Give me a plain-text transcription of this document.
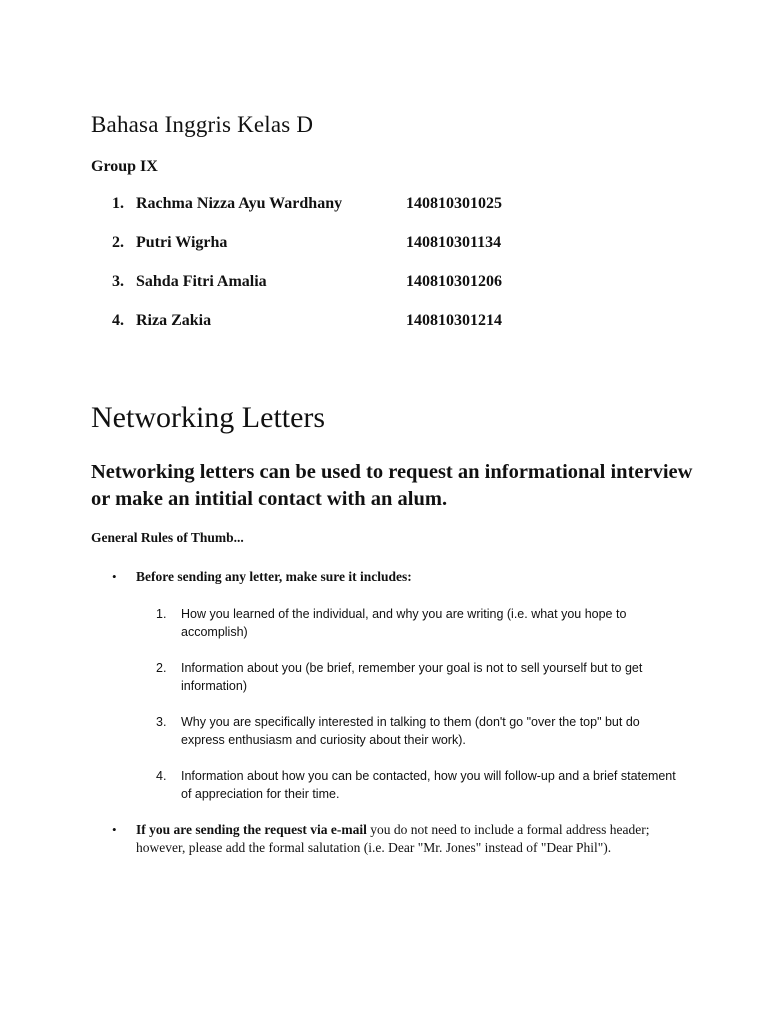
Bahasa Inggris Kelas D
Group IX
1. Rachma Nizza Ayu Wardhany	140810301025
2. Putri Wigrha	140810301134
3. Sahda Fitri Amalia	140810301206
4. Riza Zakia	140810301214
Networking Letters
Networking letters can be used to request an informational interview or make an intitial contact with an alum.
General Rules of Thumb...
• Before sending any letter, make sure it includes:
1. How you learned of the individual, and why you are writing (i.e. what you hope to accomplish)
2. Information about you (be brief, remember your goal is not to sell yourself but to get information)
3. Why you are specifically interested in talking to them (don't go "over the top" but do express enthusiasm and curiosity about their work).
4. Information about how you can be contacted, how you will follow-up and a brief statement of appreciation for their time.
• If you are sending the request via e-mail you do not need to include a formal address header; however, please add the formal salutation (i.e. Dear "Mr. Jones" instead of "Dear Phil").
